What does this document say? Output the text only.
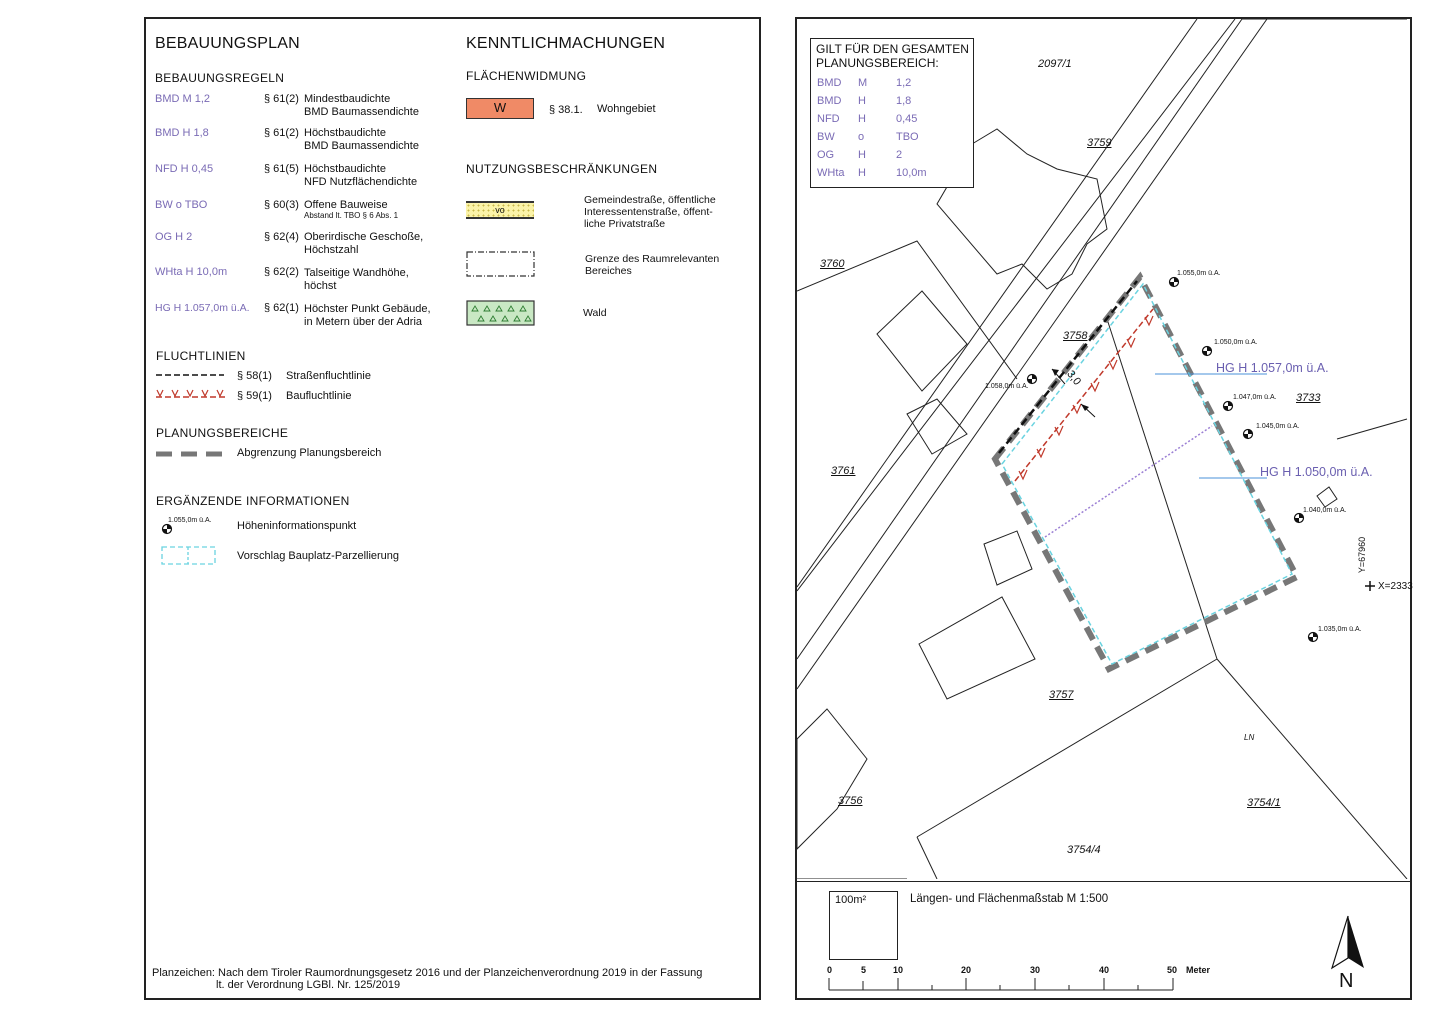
BEBAUUNGSPLAN
BEBAUUNGSREGELN
BMD M 1,2	§ 61(2) Mindestbaudichte
BMD Baumassendichte
BMD H 1,8	§ 61(2) Höchstbaudichte
BMD Baumassendichte
NFD H 0,45	§ 61(5) Höchstbaudichte
NFD Nutzflächendichte
BW o TBO	§ 60(3) Offene Bauweise
Abstand lt. TBO § 6 Abs. 1
OG H 2	§ 62(4) Oberirdische Geschoße,
Höchstzahl
WHta H 10,0m	§ 62(2) Talseitige Wandhöhe,
höchst
HG H 1.057,0m ü.A. § 62(1) Höchster Punkt Gebäude,
in Metern über der Adria
FLUCHTLINIEN
§ 58(1) Straßenfluchtlinie
§ 59(1) Baufluchtlinie
PLANUNGSBEREICHE
Abgrenzung Planungsbereich
ERGÄNZENDE INFORMATIONEN
1.055,0m ü.A. Höheninformationspunkt
Vorschlag Bauplatz-Parzellierung
KENNTLICHMACHUNGEN
FLÄCHENWIDMUNG
W	§ 38.1. Wohngebiet
NUTZUNGSBESCHRÄNKUNGEN
vo
Gemeindestraße, öffentliche
Interessentenstraße, öffent-
liche Privatstraße
Grenze des Raumrelevanten
Bereiches
Wald
Planzeichen: Nach dem Tiroler Raumordnungsgesetz 2016 und der Planzeichenverordnung 2019 in der Fassung
lt. der Verordnung LGBl. Nr. 125/2019
GILT FÜR DEN GESAMTEN
PLANUNGSBEREICH:
BMD M	1,2
BMD H	1,8
NFD H	0,45
BW o	TBO
OG H	2
WHta H	10,0m
2097/1
3759
3760
3758
3733
3761
3757
3756	3754/1
3754/4
1.055,0m ü.A.
1.050,0m ü.A.
1.058,0m ü.A.
1.047,0m ü.A.
1.045,0m ü.A.
1.040,0m ü.A.
1.035,0m ü.A.
HG H 1.057,0m ü.A.
HG H 1.050,0m ü.A.
3,0
Y=67960
X=2333
LN
100m²	Längen- und Flächenmaßstab M 1:500
0	5	10	20	30	40	50 Meter	N
